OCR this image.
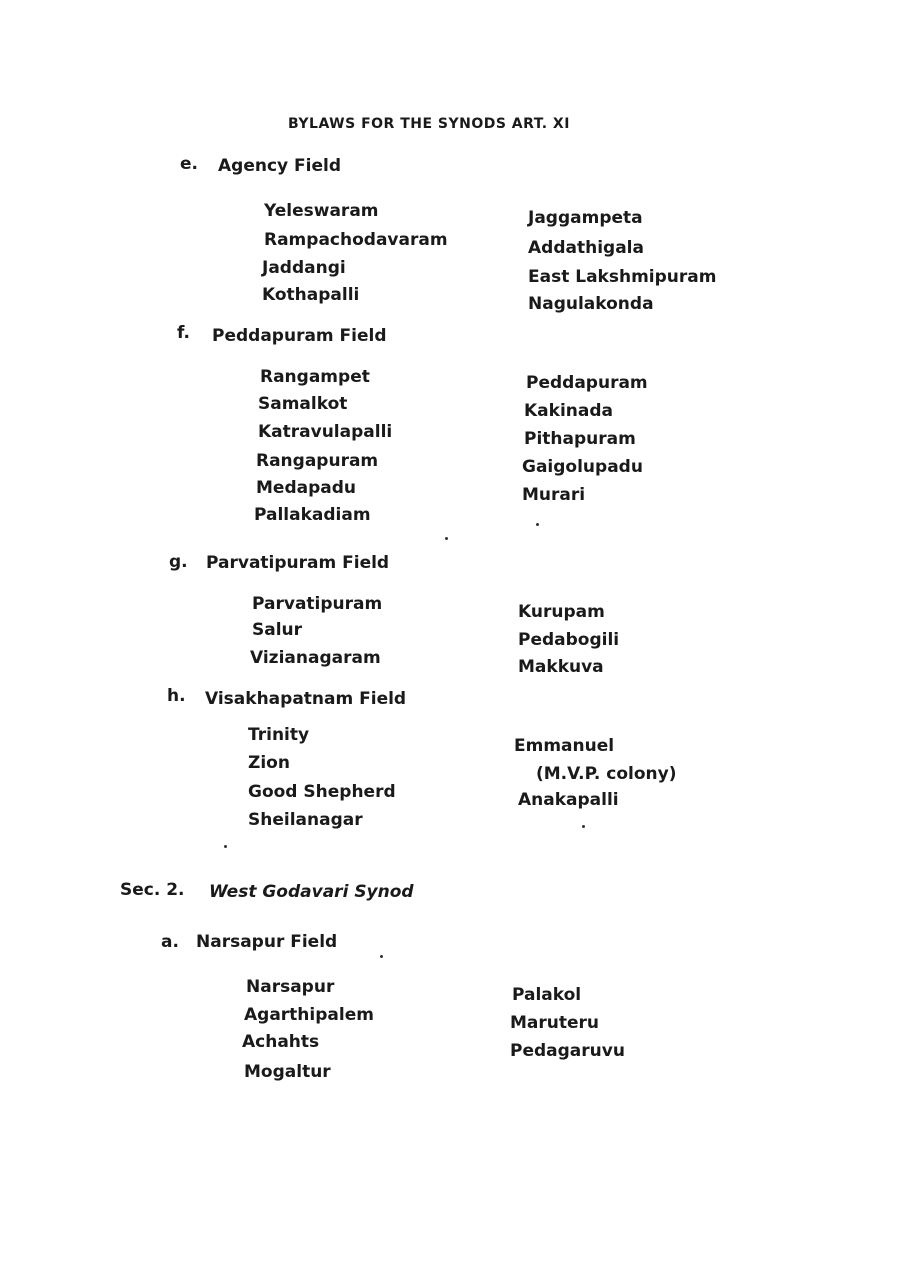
BYLAWS FOR THE SYNODS ART. XI
e. Agency Field
Yeleswaram
Rampachodavaram
Jaddangi
Kothapalli
Jaggampeta
Addathigala
East Lakshmipuram
Nagulakonda
f. Peddapuram Field
Rangampet
Samalkot
Katravulapalli
Rangapuram
Medapadu
Pallakadiam
Peddapuram
Kakinada
Pithapuram
Gaigolupadu
Murari
g. Parvatipuram Field
Parvatipuram
Salur
Vizianagaram
Kurupam
Pedabogili
Makkuva
h. Visakhapatnam Field
Trinity
Zion
Good Shepherd
Sheilanagar
Emmanuel
(M.V.P. colony)
Anakapalli
Sec. 2. West Godavari Synod
a. Narsapur Field
Narsapur
Agarthipalem
Achahts
Mogaltur
Palakol
Maruteru
Pedagaruvu
